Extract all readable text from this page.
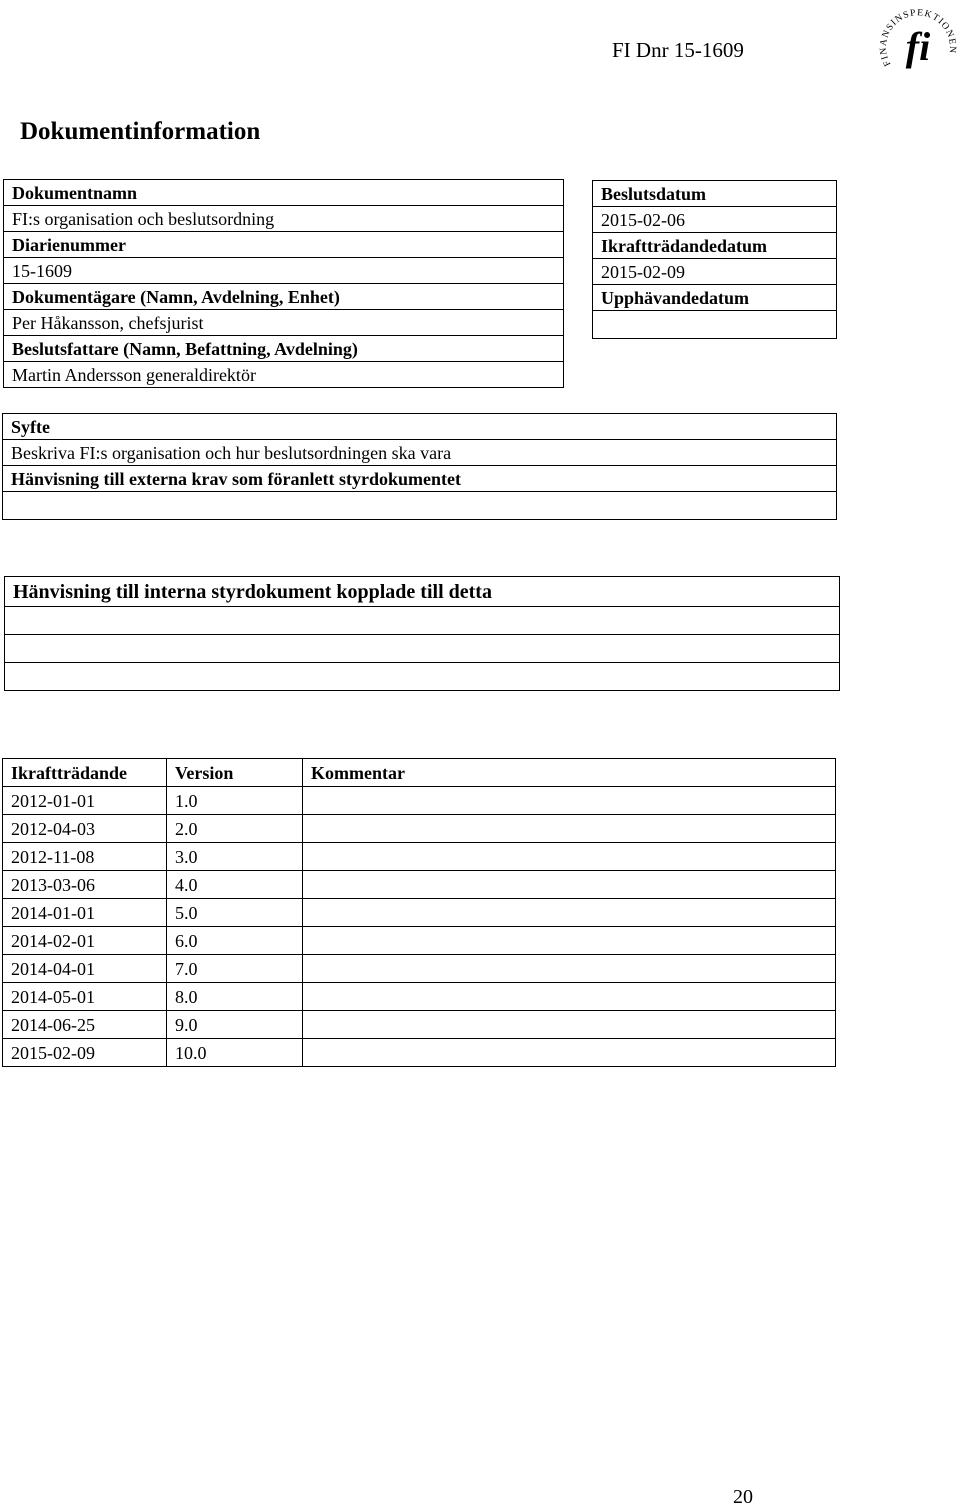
FI Dnr 15-1609
FINANSINSPEKTIONEN
fi
Dokumentinformation
Dokumentnamn
FI:s organisation och beslutsordning
Diarienummer
15-1609
Dokumentägare (Namn, Avdelning, Enhet)
Per Håkansson, chefsjurist
Beslutsfattare (Namn, Befattning, Avdelning)
Martin Andersson generaldirektör
Beslutsdatum
2015-02-06
Ikraftträdandedatum
2015-02-09
Upphävandedatum

Syfte
Beskriva FI:s organisation och hur beslutsordningen ska vara
Hänvisning till externa krav som föranlett styrdokumentet

Hänvisning till interna styrdokument kopplade till detta

Ikraftträdande	Version	Kommentar
2012-01-01	1.0	
2012-04-03	2.0	
2012-11-08	3.0	
2013-03-06	4.0	
2014-01-01	5.0	
2014-02-01	6.0	
2014-04-01	7.0	
2014-05-01	8.0	
2014-06-25	9.0	
2015-02-09	10.0	
20
